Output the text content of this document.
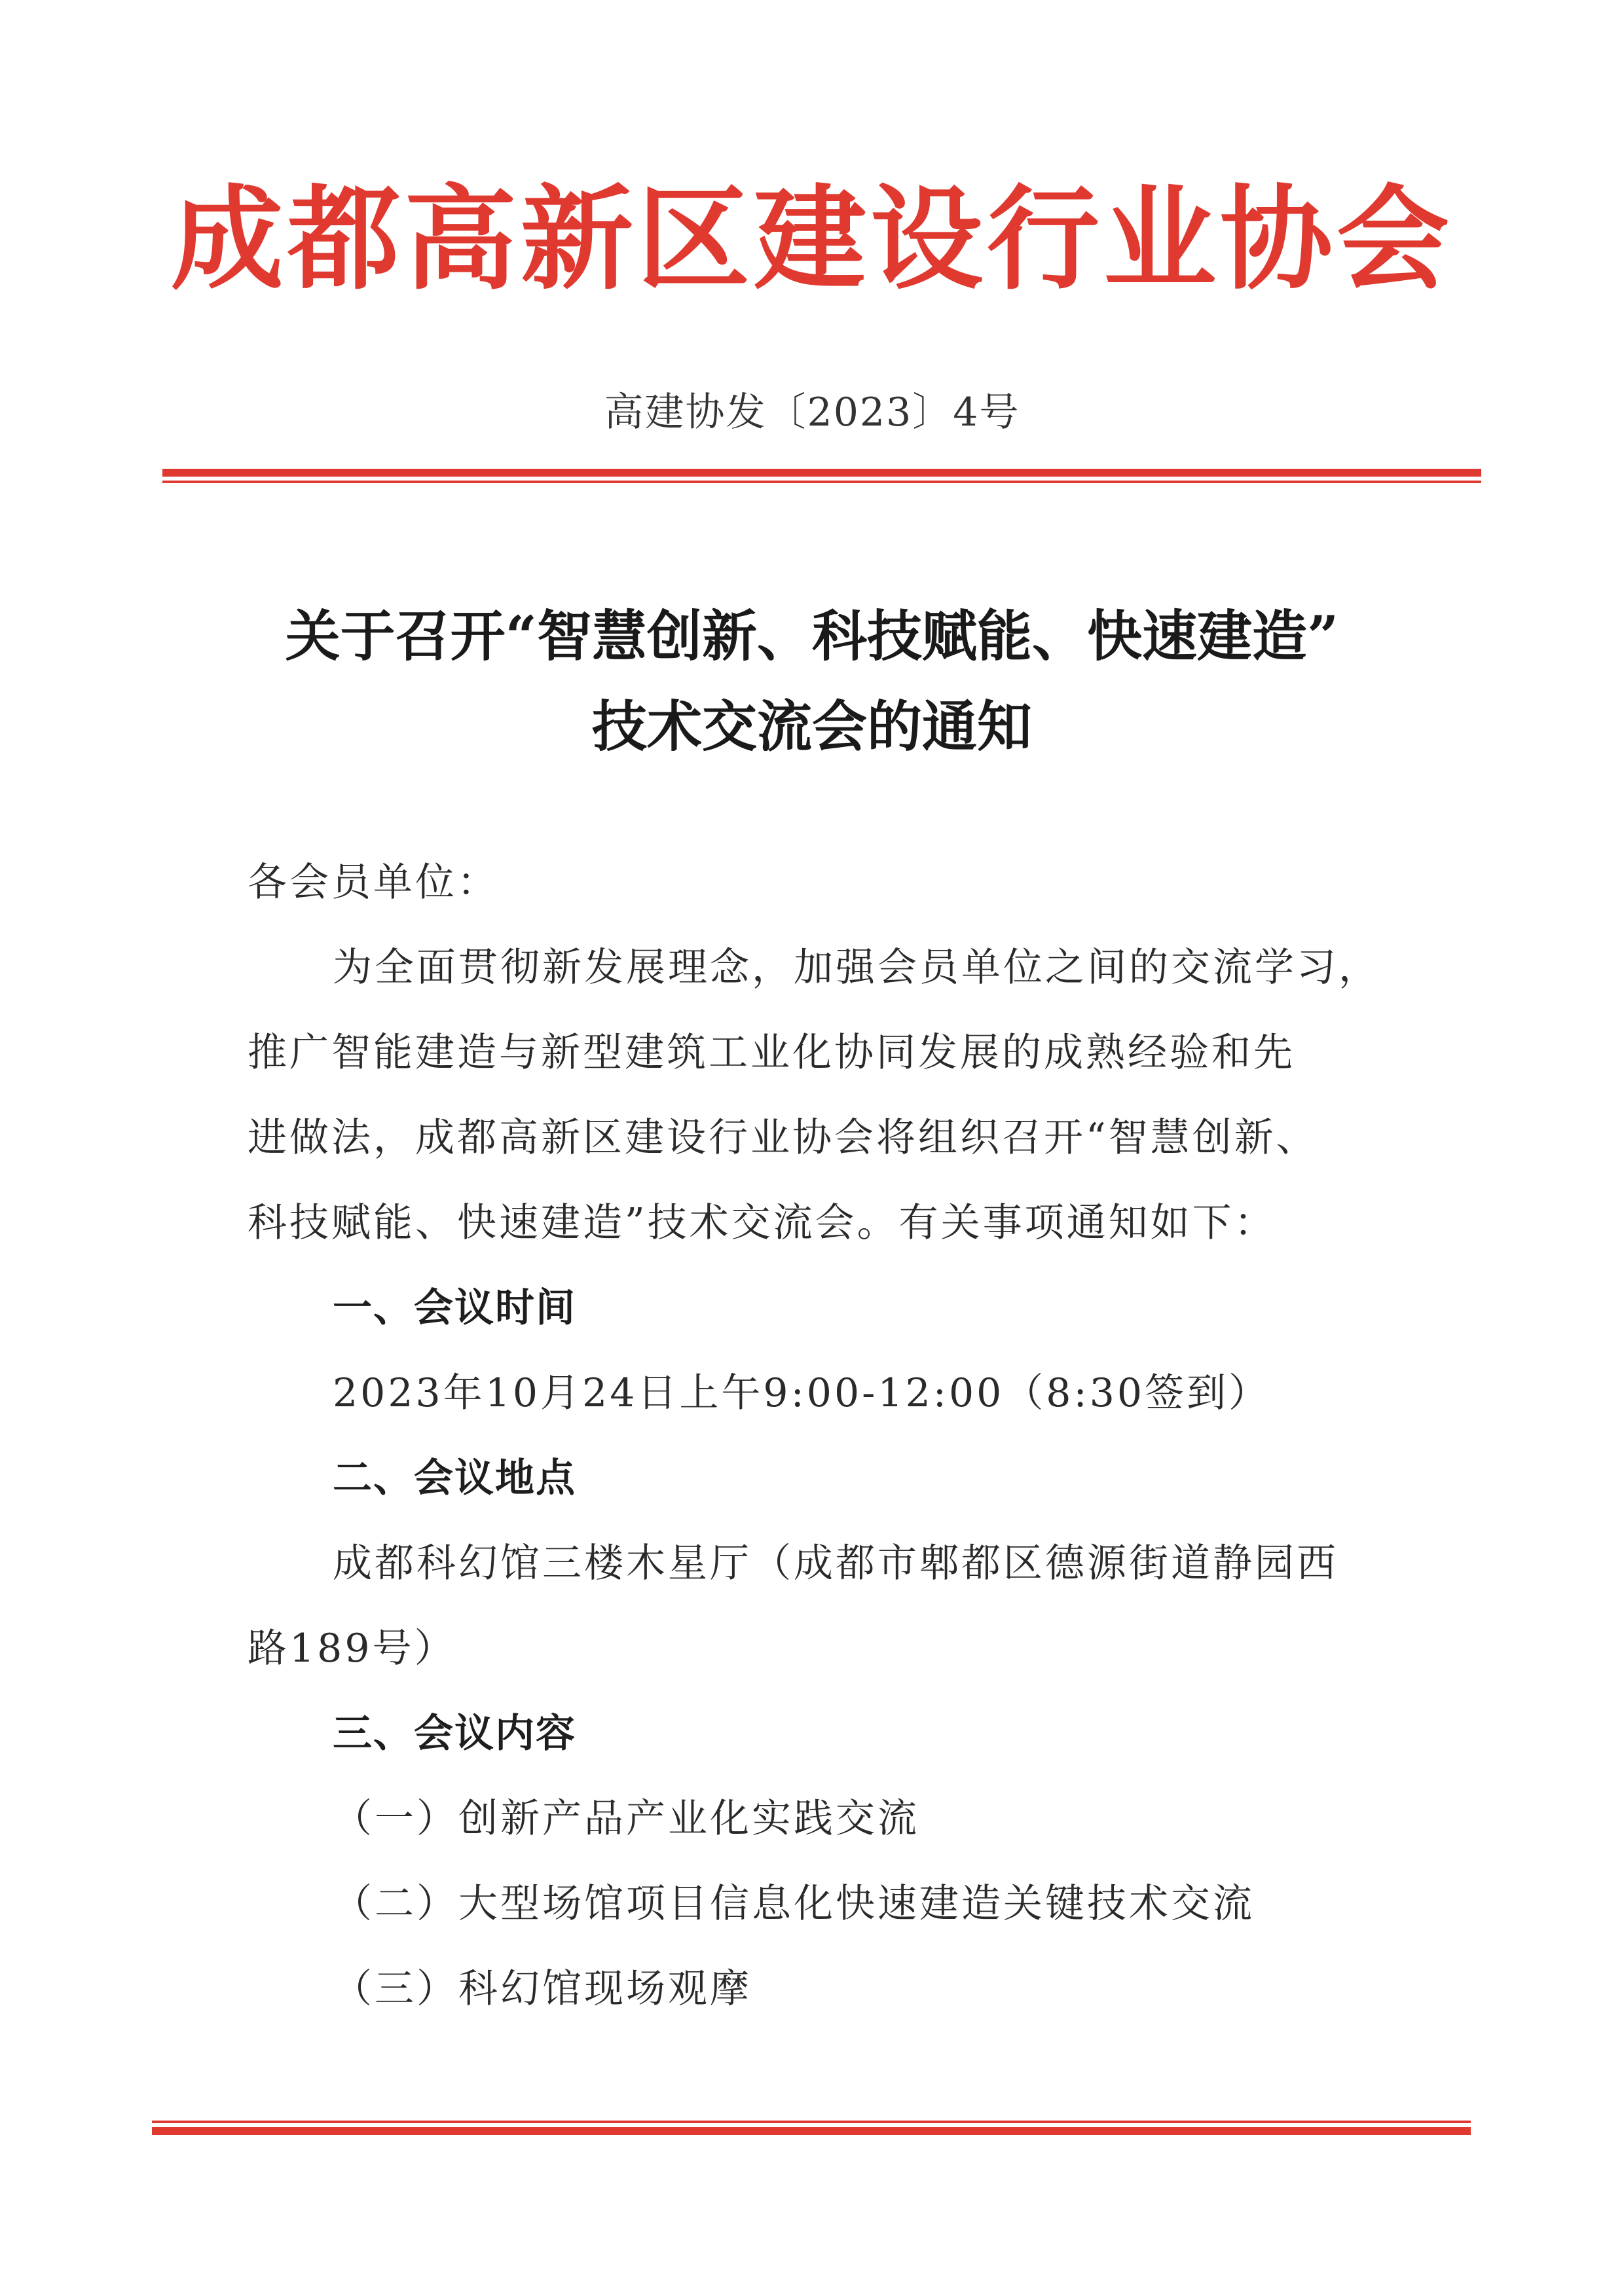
成都高新区建设行业协会
高建协发〔2023〕4号
关于召开“智慧创新、科技赋能、快速建造”
技术交流会的通知
各会员单位：
为全面贯彻新发展理念，加强会员单位之间的交流学习，
推广智能建造与新型建筑工业化协同发展的成熟经验和先
进做法，成都高新区建设行业协会将组织召开“智慧创新、
科技赋能、快速建造”技术交流会。有关事项通知如下：
一、会议时间
2023年10月24日上午9:00-12:00（8:30签到）
二、会议地点
成都科幻馆三楼木星厅（成都市郫都区德源街道静园西
路189号）
三、会议内容
（一）创新产品产业化实践交流
（二）大型场馆项目信息化快速建造关键技术交流
（三）科幻馆现场观摩
